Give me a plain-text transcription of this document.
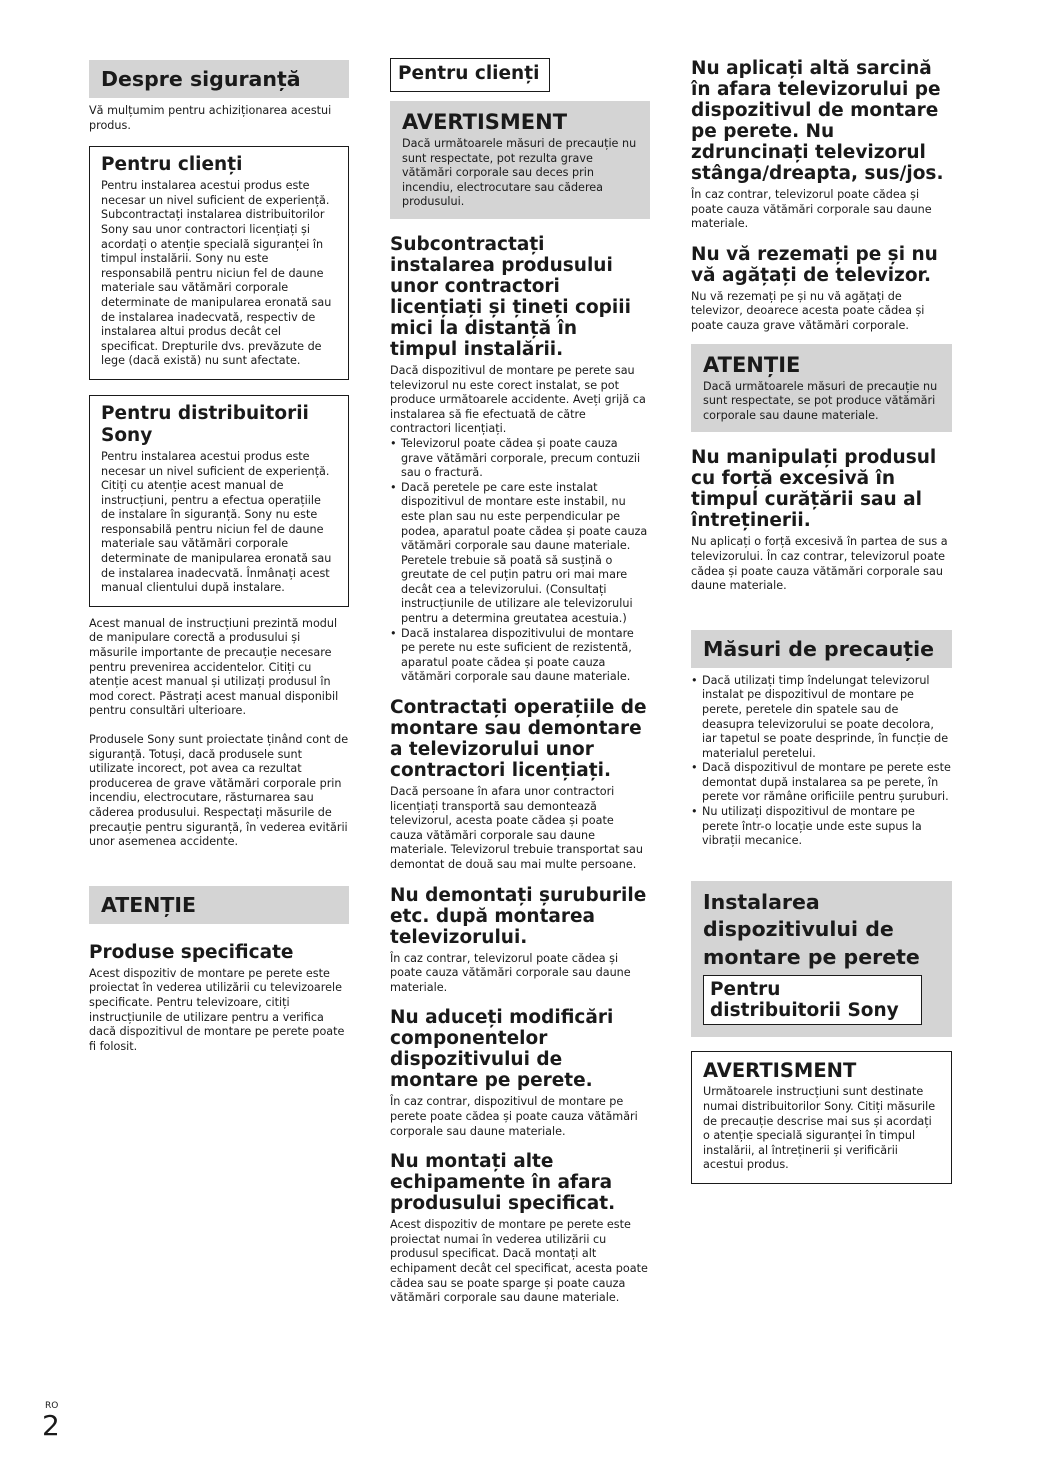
Despre siguranță

Vă mulțumim pentru achiziționarea acestui produs.

Pentru clienți

Pentru instalarea acestui produs este necesar un nivel suficient de experiență. Subcontractați instalarea distribuitorilor Sony sau unor contractori licențiați și acordați o atenție specială siguranței în timpul instalării. Sony nu este responsabilă pentru niciun fel de daune materiale sau vătămări corporale determinate de manipularea eronată sau de instalarea inadecvată, respectiv de instalarea altui produs decât cel specificat. Drepturile dvs. prevăzute de lege (dacă există) nu sunt afectate.

Pentru distribuitorii Sony

Pentru instalarea acestui produs este necesar un nivel suficient de experiență. Citiți cu atenție acest manual de instrucțiuni, pentru a efectua operațiile de instalare în siguranță. Sony nu este responsabilă pentru niciun fel de daune materiale sau vătămări corporale determinate de manipularea eronată sau de instalarea inadecvată. Înmânați acest manual clientului după instalare.

Acest manual de instrucțiuni prezintă modul de manipulare corectă a produsului și măsurile importante de precauție necesare pentru prevenirea accidentelor. Citiți cu atenție acest manual și utilizați produsul în mod corect. Păstrați acest manual disponibil pentru consultări ulterioare.

Produsele Sony sunt proiectate ținând cont de siguranță. Totuși, dacă produsele sunt utilizate incorect, pot avea ca rezultat producerea de grave vătămări corporale prin incendiu, electrocutare, răsturnarea sau căderea produsului. Respectați măsurile de precauție pentru siguranță, în vederea evitării unor asemenea accidente.

ATENȚIE

Produse specificate

Acest dispozitiv de montare pe perete este proiectat în vederea utilizării cu televizoarele specificate. Pentru televizoare, citiți instrucțiunile de utilizare pentru a verifica dacă dispozitivul de montare pe perete poate fi folosit.

Pentru clienți

AVERTISMENT

Dacă următoarele măsuri de precauție nu sunt respectate, pot rezulta grave vătămări corporale sau deces prin incendiu, electrocutare sau căderea produsului.

Subcontractați instalarea produsului unor contractori licențiați și țineți copiii mici la distanță în timpul instalării.

Dacă dispozitivul de montare pe perete sau televizorul nu este corect instalat, se pot produce următoarele accidente. Aveți grijă ca instalarea să fie efectuată de către contractori licențiați.

• Televizorul poate cădea și poate cauza grave vătămări corporale, precum contuzii sau o fractură.
• Dacă peretele pe care este instalat dispozitivul de montare este instabil, nu este plan sau nu este perpendicular pe podea, aparatul poate cădea și poate cauza vătămări corporale sau daune materiale. Peretele trebuie să poată să susțină o greutate de cel puțin patru ori mai mare decât cea a televizorului. (Consultați instrucțiunile de utilizare ale televizorului pentru a determina greutatea acestuia.)
• Dacă instalarea dispozitivului de montare pe perete nu este suficient de rezistentă, aparatul poate cădea și poate cauza vătămări corporale sau daune materiale.

Contractați operațiile de montare sau demontare a televizorului unor contractori licențiați.

Dacă persoane în afara unor contractori licențiați transportă sau demontează televizorul, acesta poate cădea și poate cauza vătămări corporale sau daune materiale. Televizorul trebuie transportat sau demontat de două sau mai multe persoane.

Nu demontați șuruburile etc. după montarea televizorului.

În caz contrar, televizorul poate cădea și poate cauza vătămări corporale sau daune materiale.

Nu aduceți modificări componentelor dispozitivului de montare pe perete.

În caz contrar, dispozitivul de montare pe perete poate cădea și poate cauza vătămări corporale sau daune materiale.

Nu montați alte echipamente în afara produsului specificat.

Acest dispozitiv de montare pe perete este proiectat numai în vederea utilizării cu produsul specificat. Dacă montați alt echipament decât cel specificat, acesta poate cădea sau se poate sparge și poate cauza vătămări corporale sau daune materiale.

Nu aplicați altă sarcină în afara televizorului pe dispozitivul de montare pe perete. Nu zdruncinați televizorul stânga/dreapta, sus/jos.

În caz contrar, televizorul poate cădea și poate cauza vătămări corporale sau daune materiale.

Nu vă rezemați pe și nu vă agățați de televizor.

Nu vă rezemați pe și nu vă agățați de televizor, deoarece acesta poate cădea și poate cauza grave vătămări corporale.

ATENȚIE

Dacă următoarele măsuri de precauție nu sunt respectate, se pot produce vătămări corporale sau daune materiale.

Nu manipulați produsul cu forță excesivă în timpul curățării sau al întreținerii.

Nu aplicați o forță excesivă în partea de sus a televizorului. În caz contrar, televizorul poate cădea și poate cauza vătămări corporale sau daune materiale.

Măsuri de precauție
• Dacă utilizați timp îndelungat televizorul instalat pe dispozitivul de montare pe perete, peretele din spatele sau de deasupra televizorului se poate decolora, iar tapetul se poate desprinde, în funcție de materialul peretelui.
• Dacă dispozitivul de montare pe perete este demontat după instalarea sa pe perete, în perete vor rămâne orificiile pentru șuruburi.
• Nu utilizați dispozitivul de montare pe perete într-o locație unde este supus la vibrații mecanice.
Instalarea dispozitivului de montare pe perete
Pentru distribuitorii Sony

AVERTISMENT

Următoarele instrucțiuni sunt destinate numai distribuitorilor Sony. Citiți măsurile de precauție descrise mai sus și acordați o atenție specială siguranței în timpul instalării, al întreținerii și verificării acestui produs.

RO
2
